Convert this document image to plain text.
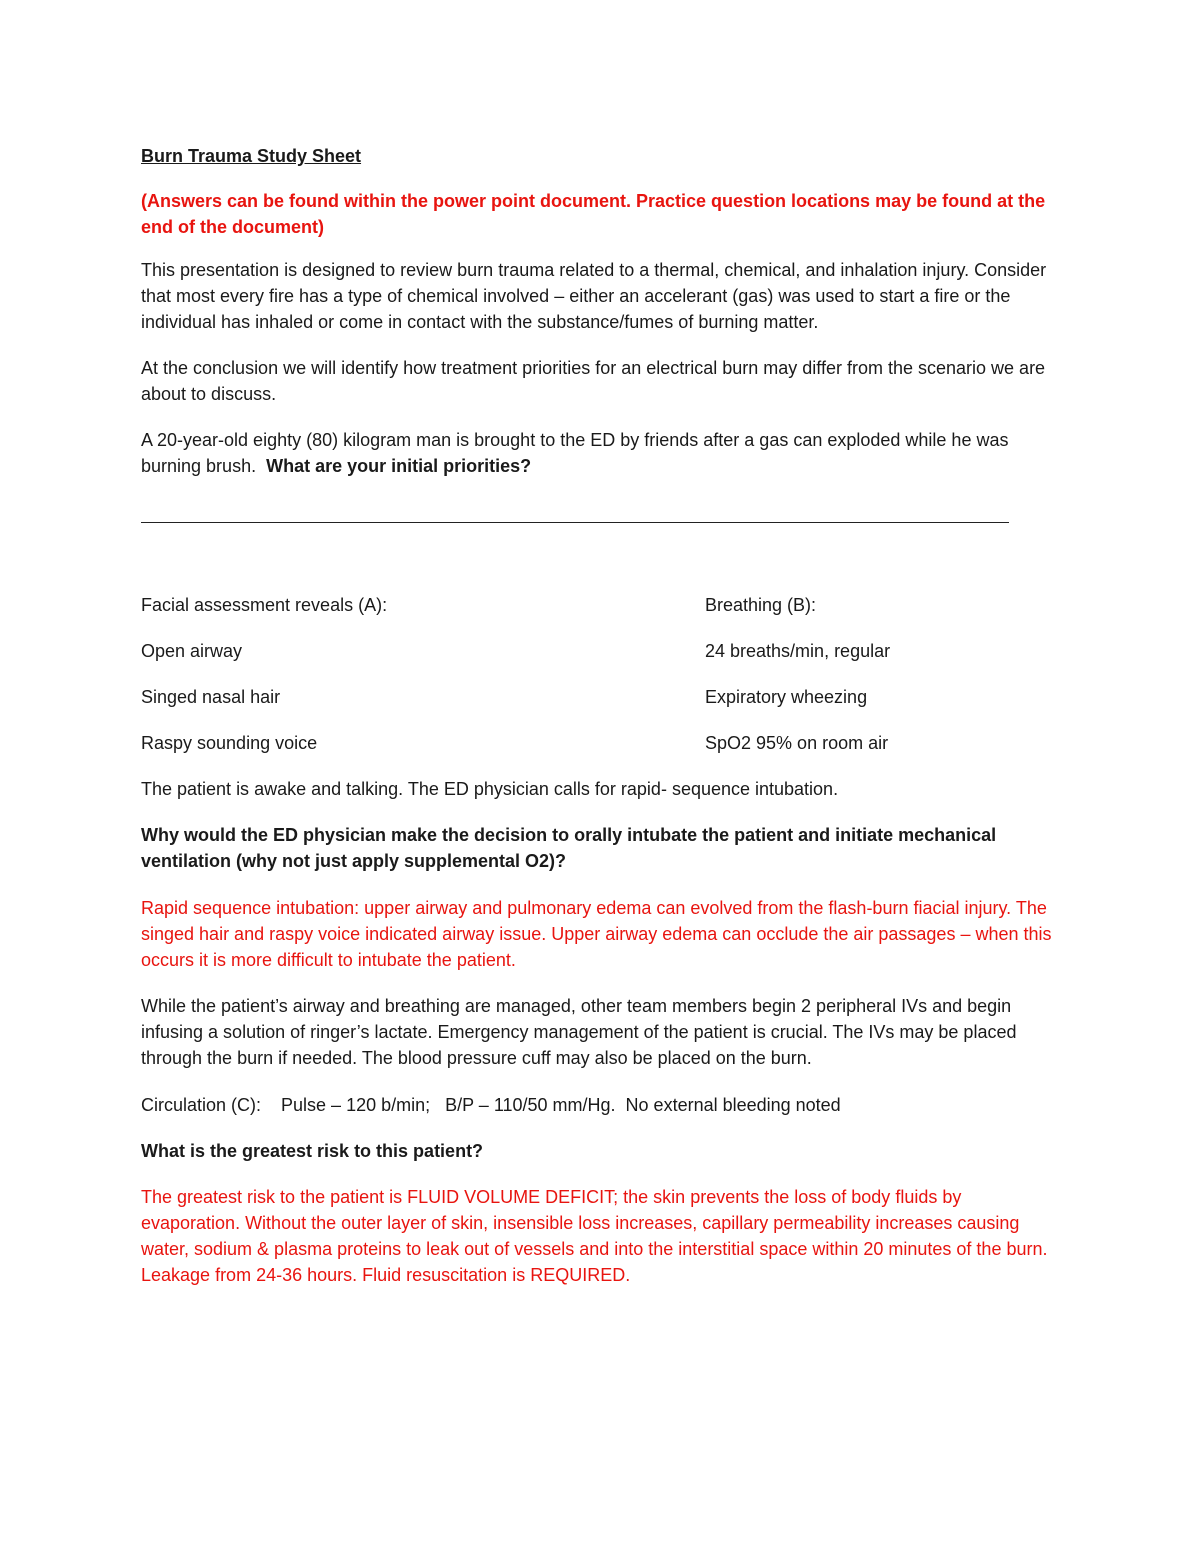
Burn Trauma Study Sheet

(Answers can be found within the power point document. Practice question locations may be found at the end of the document)

This presentation is designed to review burn trauma related to a thermal, chemical, and inhalation injury. Consider that most every fire has a type of chemical involved – either an accelerant (gas) was used to start a fire or the individual has inhaled or come in contact with the substance/fumes of burning matter.

At the conclusion we will identify how treatment priorities for an electrical burn may differ from the scenario we are about to discuss.

A 20-year-old eighty (80) kilogram man is brought to the ED by friends after a gas can exploded while he was burning brush. What are your initial priorities?

Facial assessment reveals (A):	Breathing (B):

Open airway	24 breaths/min, regular

Singed nasal hair	Expiratory wheezing

Raspy sounding voice	SpO2 95% on room air

The patient is awake and talking. The ED physician calls for rapid- sequence intubation.

Why would the ED physician make the decision to orally intubate the patient and initiate mechanical ventilation (why not just apply supplemental O2)?

Rapid sequence intubation: upper airway and pulmonary edema can evolved from the flash-burn fiacial injury. The singed hair and raspy voice indicated airway issue. Upper airway edema can occlude the air passages – when this occurs it is more difficult to intubate the patient.

While the patient’s airway and breathing are managed, other team members begin 2 peripheral IVs and begin infusing a solution of ringer’s lactate. Emergency management of the patient is crucial. The IVs may be placed through the burn if needed. The blood pressure cuff may also be placed on the burn.

Circulation (C):    Pulse – 120 b/min;   B/P – 110/50 mm/Hg.  No external bleeding noted

What is the greatest risk to this patient?

The greatest risk to the patient is FLUID VOLUME DEFICIT; the skin prevents the loss of body fluids by evaporation. Without the outer layer of skin, insensible loss increases, capillary permeability increases causing water, sodium & plasma proteins to leak out of vessels and into the interstitial space within 20 minutes of the burn. Leakage from 24-36 hours. Fluid resuscitation is REQUIRED.
